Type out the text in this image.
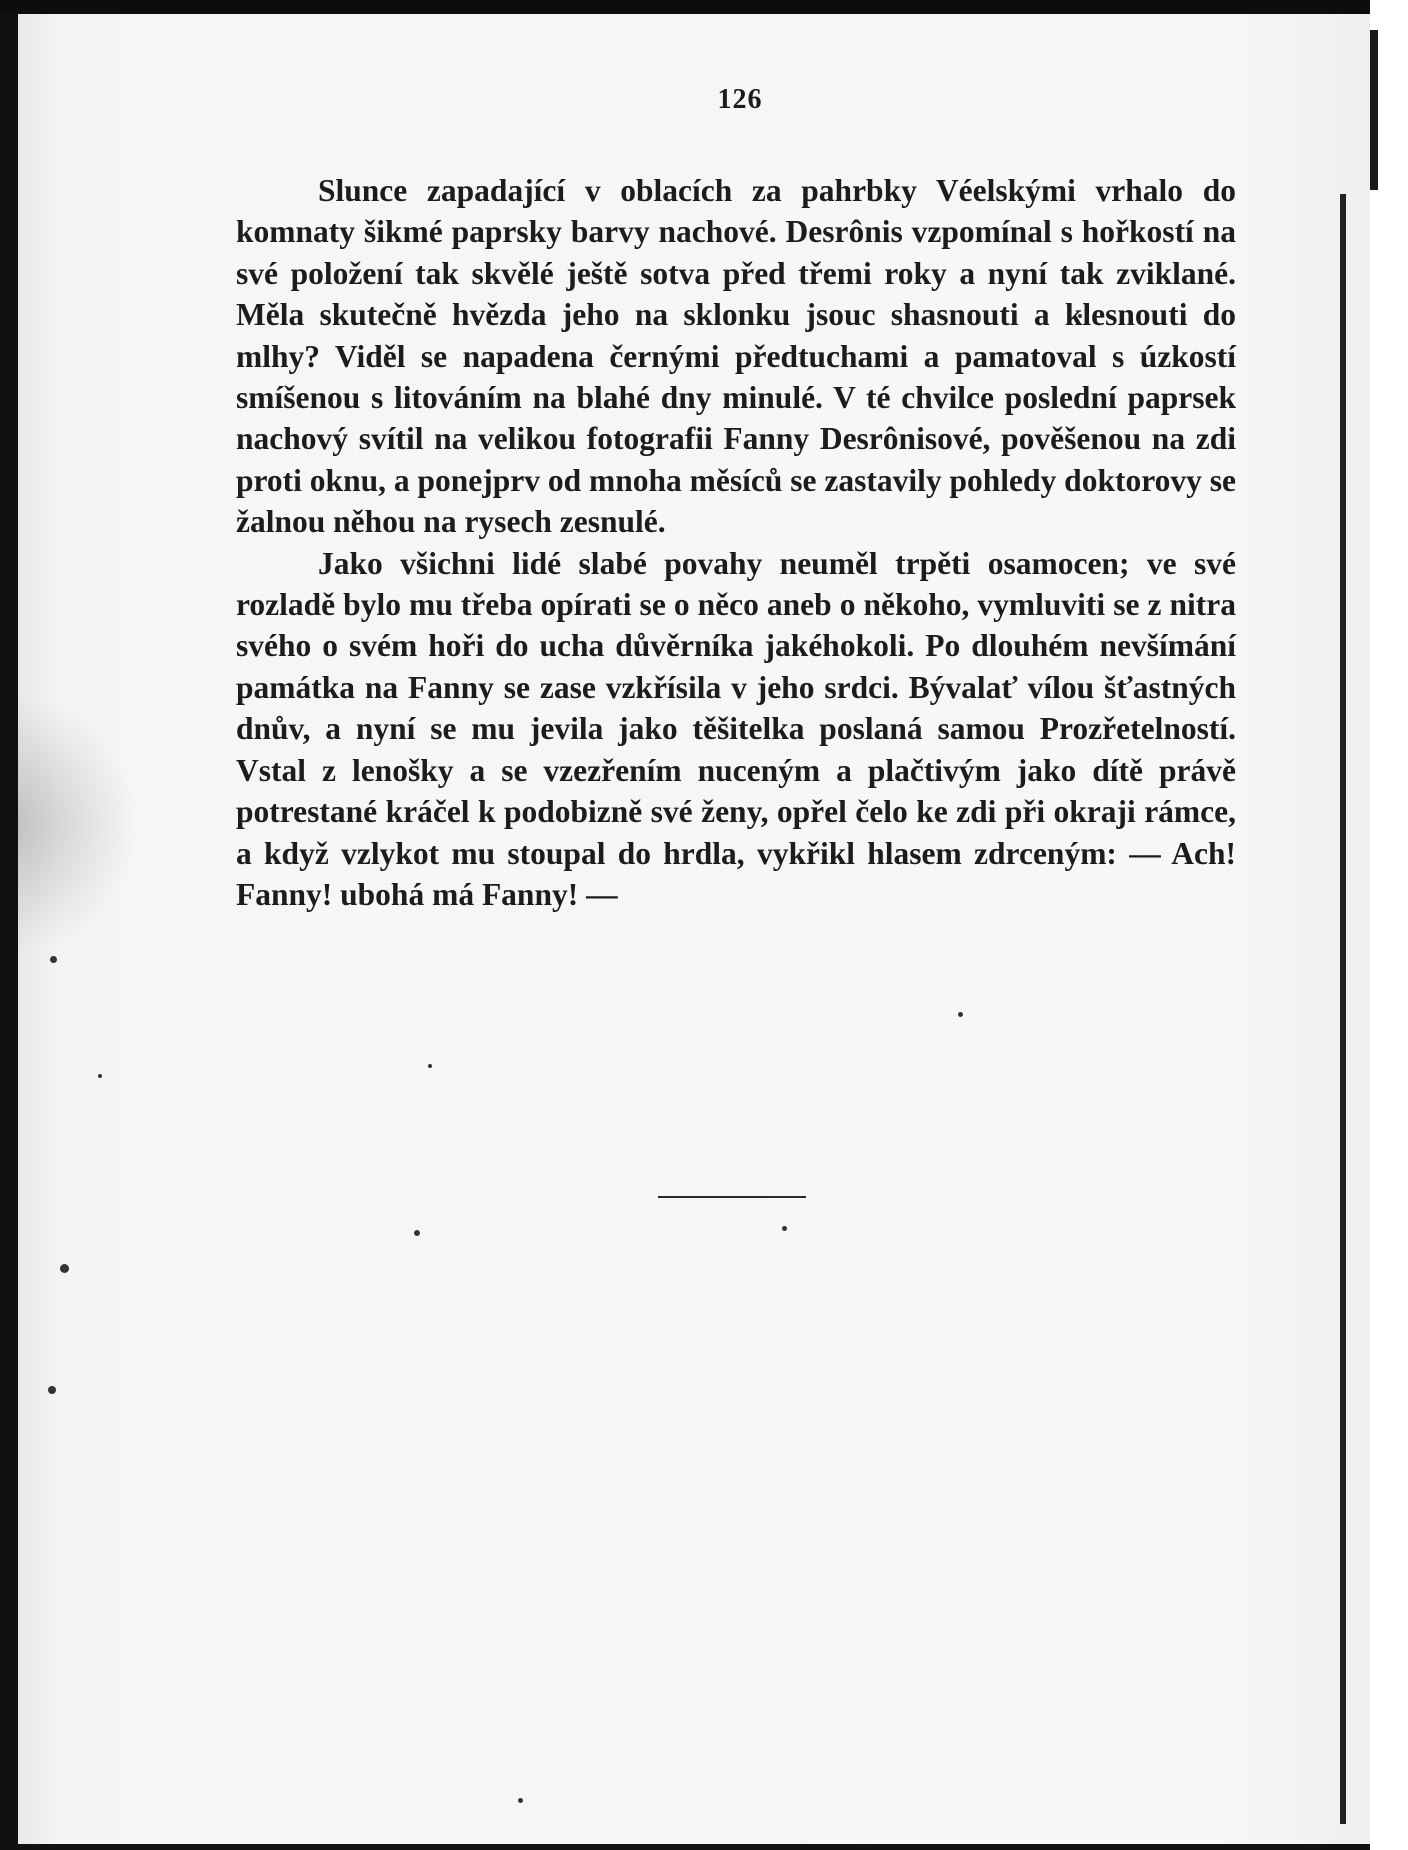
126

Slunce zapadající v oblacích za pahrbky Véelskými vrhalo do komnaty šikmé paprsky barvy nachové. Desrônis vzpomínal s hořkostí na své položení tak skvělé ještě sotva před třemi roky a nyní tak zviklané. Měla skutečně hvězda jeho na sklonku jsouc shasnouti a klesnouti do mlhy? Viděl se napadena černými předtuchami a pamatoval s úzkostí smíšenou s litováním na blahé dny minulé. V té chvilce poslední paprsek nachový svítil na velikou fotografii Fanny Desrônisové, pověšenou na zdi proti oknu, a ponejprv od mnoha měsíců se zastavily pohledy doktorovy se žalnou něhou na rysech zesnulé.

Jako všichni lidé slabé povahy neuměl trpěti osamocen; ve své rozladě bylo mu třeba opírati se o něco aneb o někoho, vymluviti se z nitra svého o svém hoři do ucha důvěrníka jakéhokoli. Po dlouhém nevšímání památka na Fanny se zase vzkřísila v jeho srdci. Bývalať vílou šťastných dnův, a nyní se mu jevila jako těšitelka poslaná samou Prozřetelností. Vstal z lenošky a se vzezřením nuceným a plačtivým jako dítě právě potrestané kráčel k podobizně své ženy, opřel čelo ke zdi při okraji rámce, a když vzlykot mu stoupal do hrdla, vykřikl hlasem zdrceným: — Ach! Fanny! ubohá má Fanny! —
